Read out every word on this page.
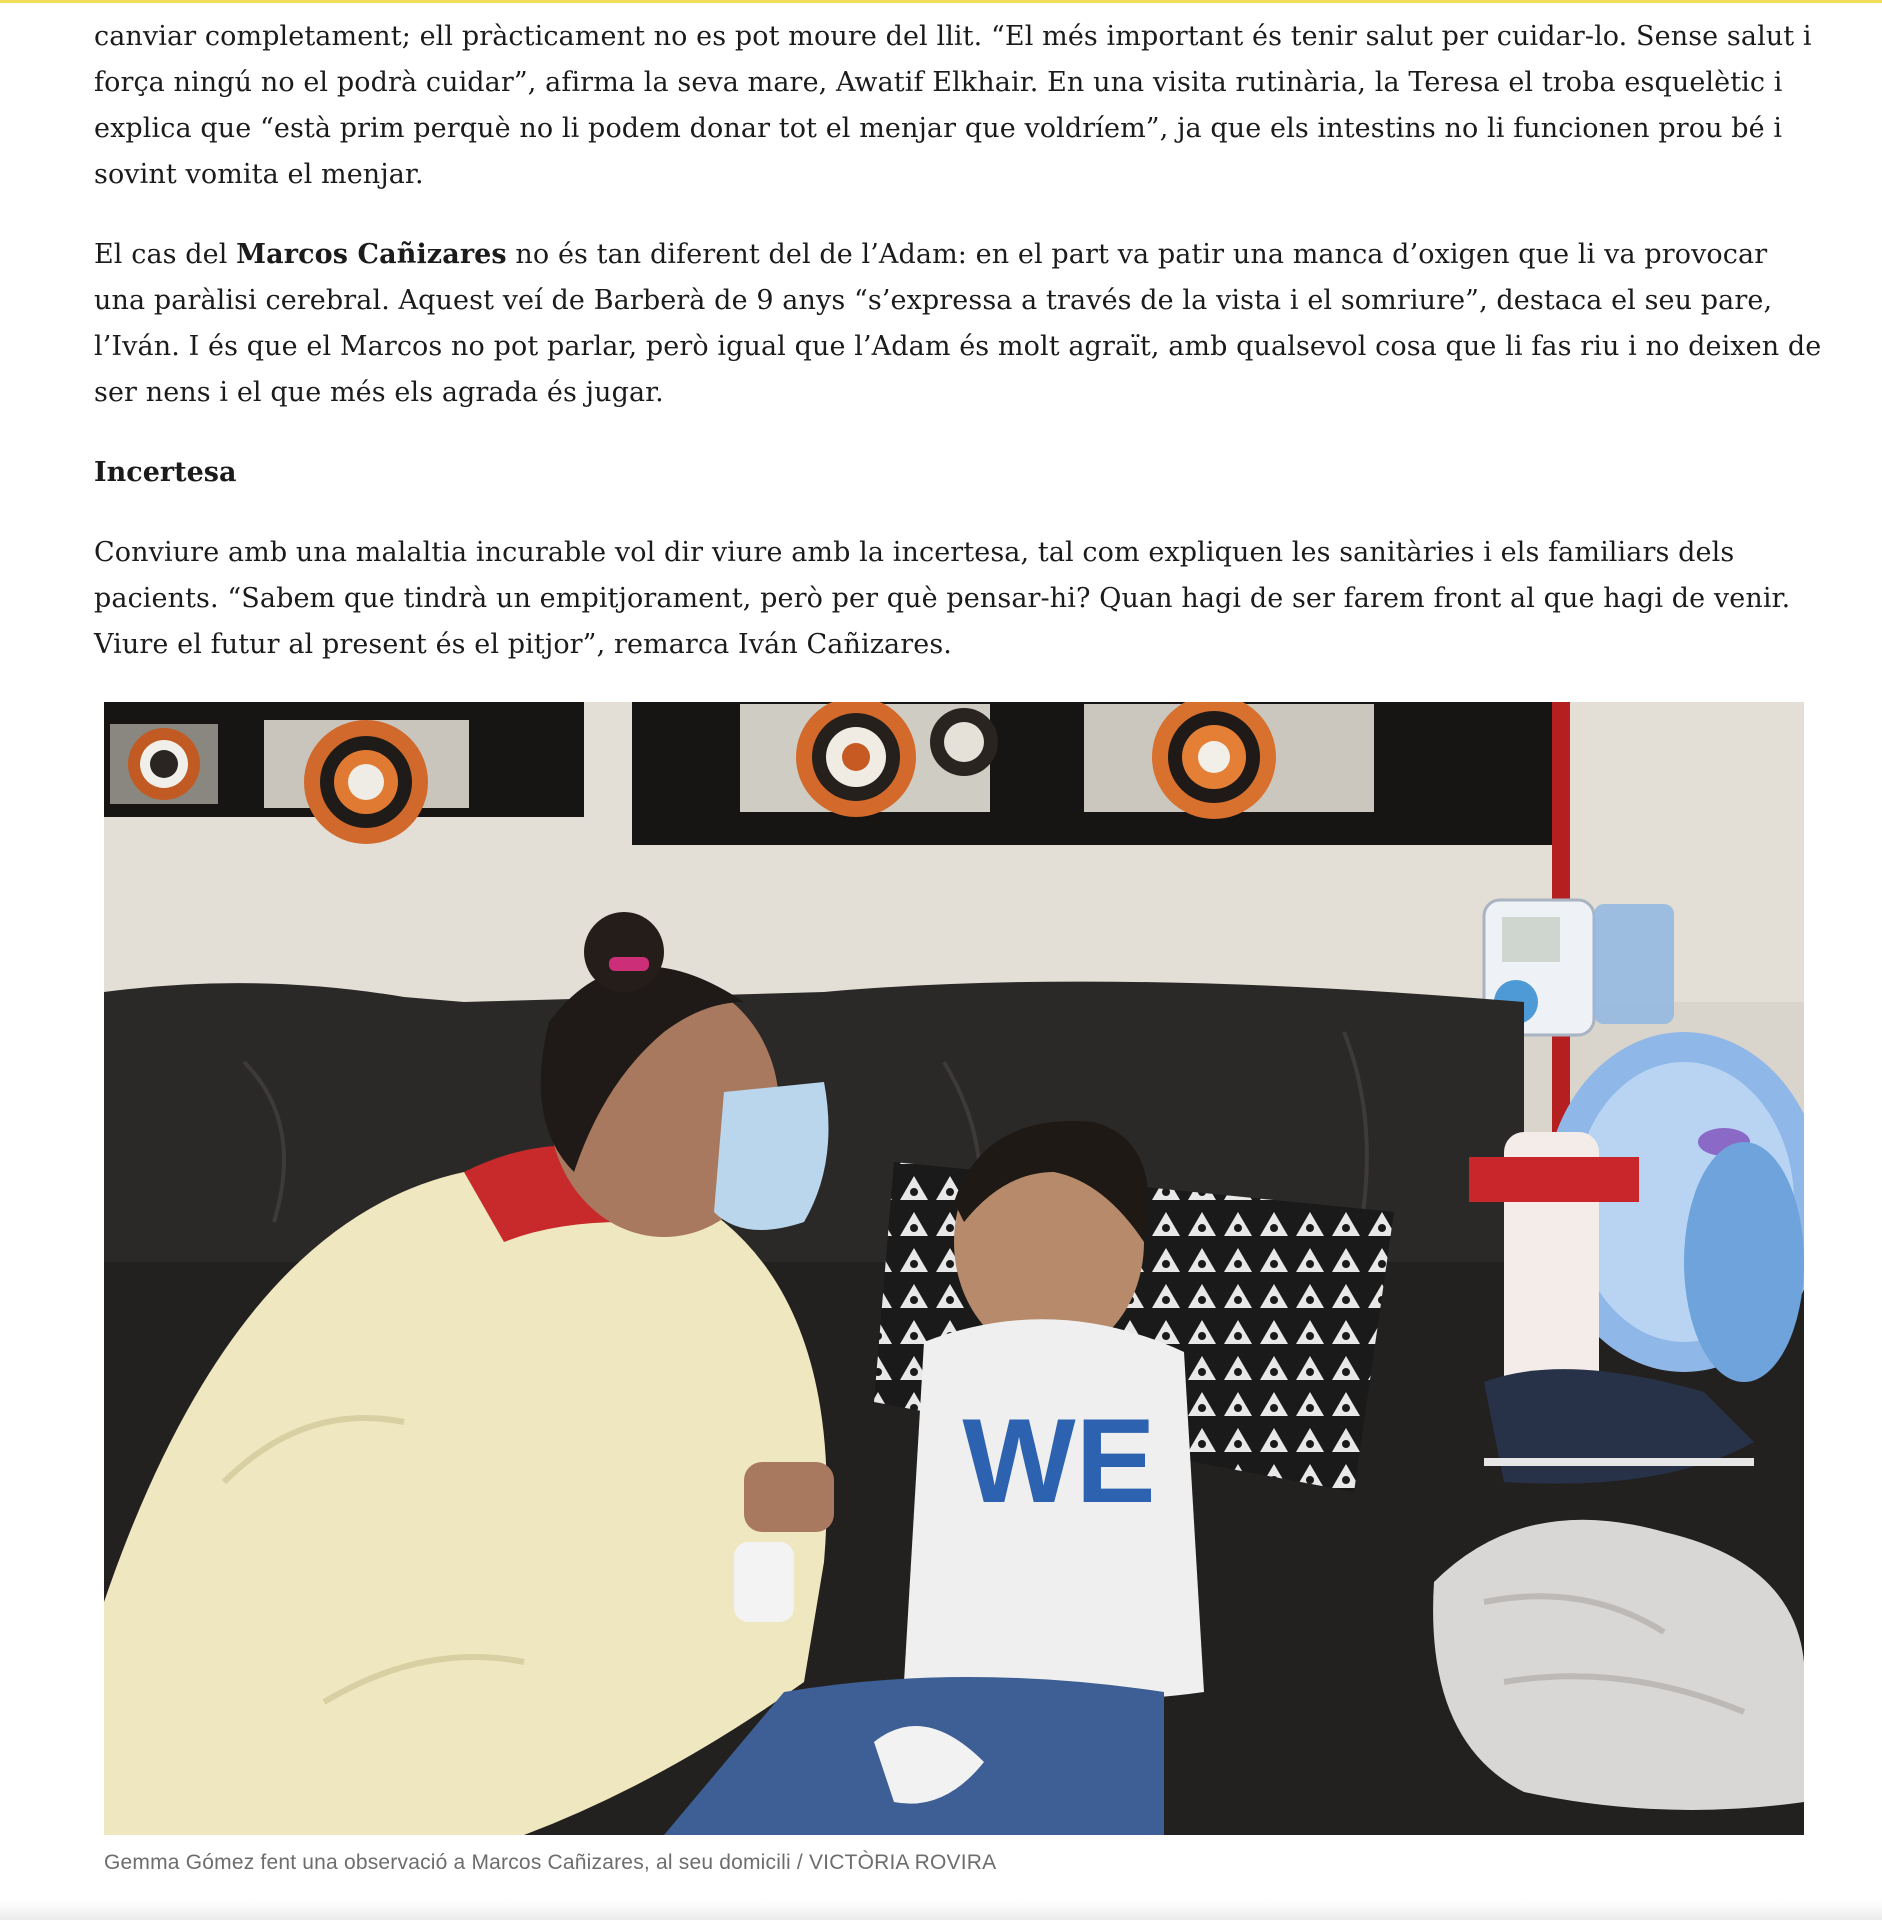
canviar completament; ell pràcticament no es pot moure del llit. “El més important és tenir salut per cuidar-lo. Sense salut i força ningú no el podrà cuidar”, afirma la seva mare, Awatif Elkhair. En una visita rutinària, la Teresa el troba esquelètic i explica que “està prim perquè no li podem donar tot el menjar que voldríem”, ja que els intestins no li funcionen prou bé i sovint vomita el menjar.

El cas del Marcos Cañizares no és tan diferent del de l’Adam: en el part va patir una manca d’oxigen que li va provocar una paràlisi cerebral. Aquest veí de Barberà de 9 anys “s’expressa a través de la vista i el somriure”, destaca el seu pare, l’Iván. I és que el Marcos no pot parlar, però igual que l’Adam és molt agraït, amb qualsevol cosa que li fas riu i no deixen de ser nens i el que més els agrada és jugar.

Incertesa

Conviure amb una malaltia incurable vol dir viure amb la incertesa, tal com expliquen les sanitàries i els familiars dels pacients. “Sabem que tindrà un empitjorament, però per què pensar-hi? Quan hagi de ser farem front al que hagi de venir. Viure el futur al present és el pitjor”, remarca Iván Cañizares.

WE
Gemma Gómez fent una observació a Marcos Cañizares, al seu domicili / VICTÒRIA ROVIRA
